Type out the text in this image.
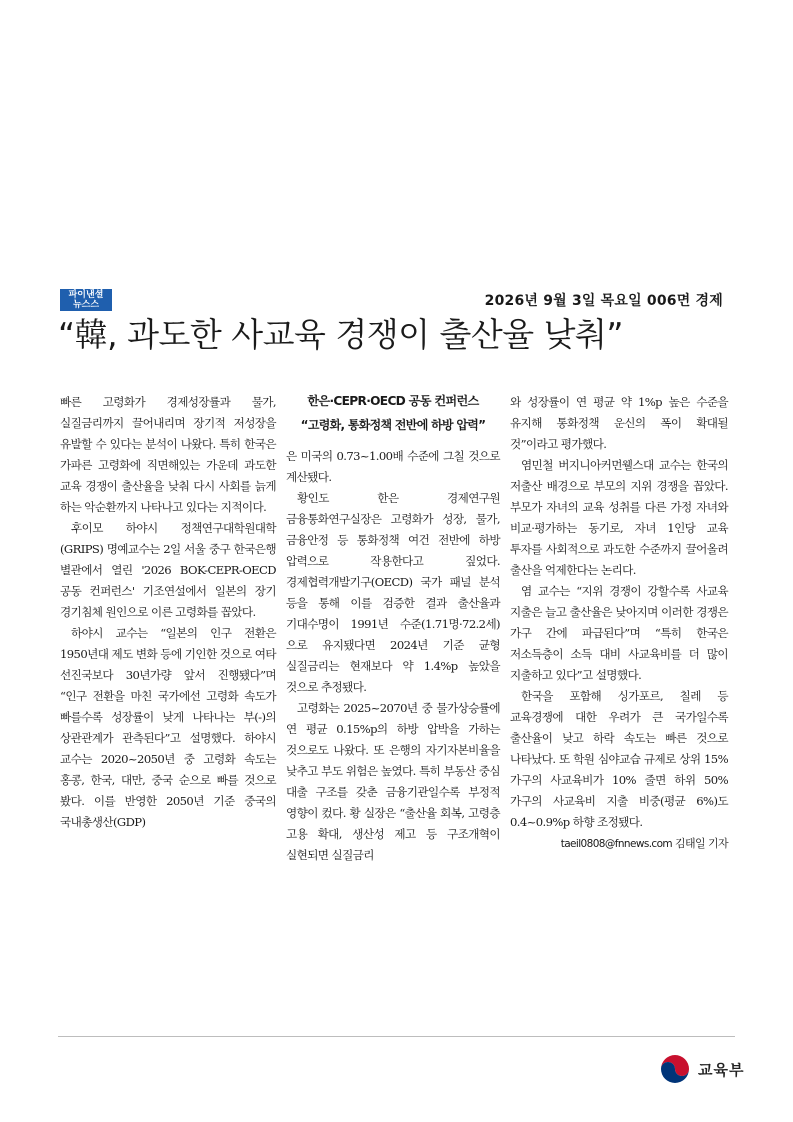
파이낸셜
뉴스스	2026년 9월 3일 목요일 006면 경제
“韓, 과도한 사교육 경쟁이 출산율 낮춰”

빠른 고령화가 경제성장률과 물가, 실질금리까지 끌어내리며 장기적 저성장을 유발할 수 있다는 분석이 나왔다. 특히 한국은 가파른 고령화에 직면해있는 가운데 과도한 교육 경쟁이 출산율을 낮춰 다시 사회를 늙게 하는 악순환까지 나타나고 있다는 지적이다.

후이모 하야시 정책연구대학원대학(GRIPS) 명예교수는 2일 서울 중구 한국은행 별관에서 열린 '2026 BOK-CEPR-OECD 공동 컨퍼런스' 기조연설에서 일본의 장기 경기침체 원인으로 이른 고령화를 꼽았다.

하야시 교수는 “일본의 인구 전환은 1950년대 제도 변화 등에 기인한 것으로 여타 선진국보다 30년가량 앞서 진행됐다”며 “인구 전환을 마친 국가에선 고령화 속도가 빠를수록 성장률이 낮게 나타나는 부(-)의 상관관계가 관측된다”고 설명했다. 하야시 교수는 2020~2050년 중 고령화 속도는 홍콩, 한국, 대만, 중국 순으로 빠를 것으로 봤다. 이를 반영한 2050년 기준 중국의 국내총생산(GDP)

한은·CEPR·OECD 공동 컨퍼런스

“고령화, 통화정책 전반에 하방 압력”

은 미국의 0.73~1.00배 수준에 그칠 것으로 계산됐다.

황인도 한은 경제연구원 금융통화연구실장은 고령화가 성장, 물가, 금융안정 등 통화정책 여건 전반에 하방 압력으로 작용한다고 짚었다. 경제협력개발기구(OECD) 국가 패널 분석 등을 통해 이를 검증한 결과 출산율과 기대수명이 1991년 수준(1.71명·72.2세)으로 유지됐다면 2024년 기준 균형 실질금리는 현재보다 약 1.4%p 높았을 것으로 추정됐다.

고령화는 2025~2070년 중 물가상승률에 연 평균 0.15%p의 하방 압박을 가하는 것으로도 나왔다. 또 은행의 자기자본비율을 낮추고 부도 위험은 높였다. 특히 부동산 중심 대출 구조를 갖춘 금융기관일수록 부정적 영향이 컸다. 황 실장은 “출산율 회복, 고령층 고용 확대, 생산성 제고 등 구조개혁이 실현되면 실질금리

와 성장률이 연 평균 약 1%p 높은 수준을 유지해 통화정책 운신의 폭이 확대될 것”이라고 평가했다.

염민철 버지니아커먼웰스대 교수는 한국의 저출산 배경으로 부모의 지위 경쟁을 꼽았다. 부모가 자녀의 교육 성취를 다른 가정 자녀와 비교·평가하는 동기로, 자녀 1인당 교육 투자를 사회적으로 과도한 수준까지 끌어올려 출산을 억제한다는 논리다.

염 교수는 “지위 경쟁이 강할수록 사교육 지출은 늘고 출산율은 낮아지며 이러한 경쟁은 가구 간에 파급된다”며 “특히 한국은 저소득층이 소득 대비 사교육비를 더 많이 지출하고 있다”고 설명했다.

한국을 포함해 싱가포르, 칠레 등 교육경쟁에 대한 우려가 큰 국가일수록 출산율이 낮고 하락 속도는 빠른 것으로 나타났다. 또 학원 심야교습 규제로 상위 15% 가구의 사교육비가 10% 줄면 하위 50% 가구의 사교육비 지출 비중(평균 6%)도 0.4~0.9%p 하향 조정됐다.

taeil0808@fnnews.com 김태일 기자

교육부
